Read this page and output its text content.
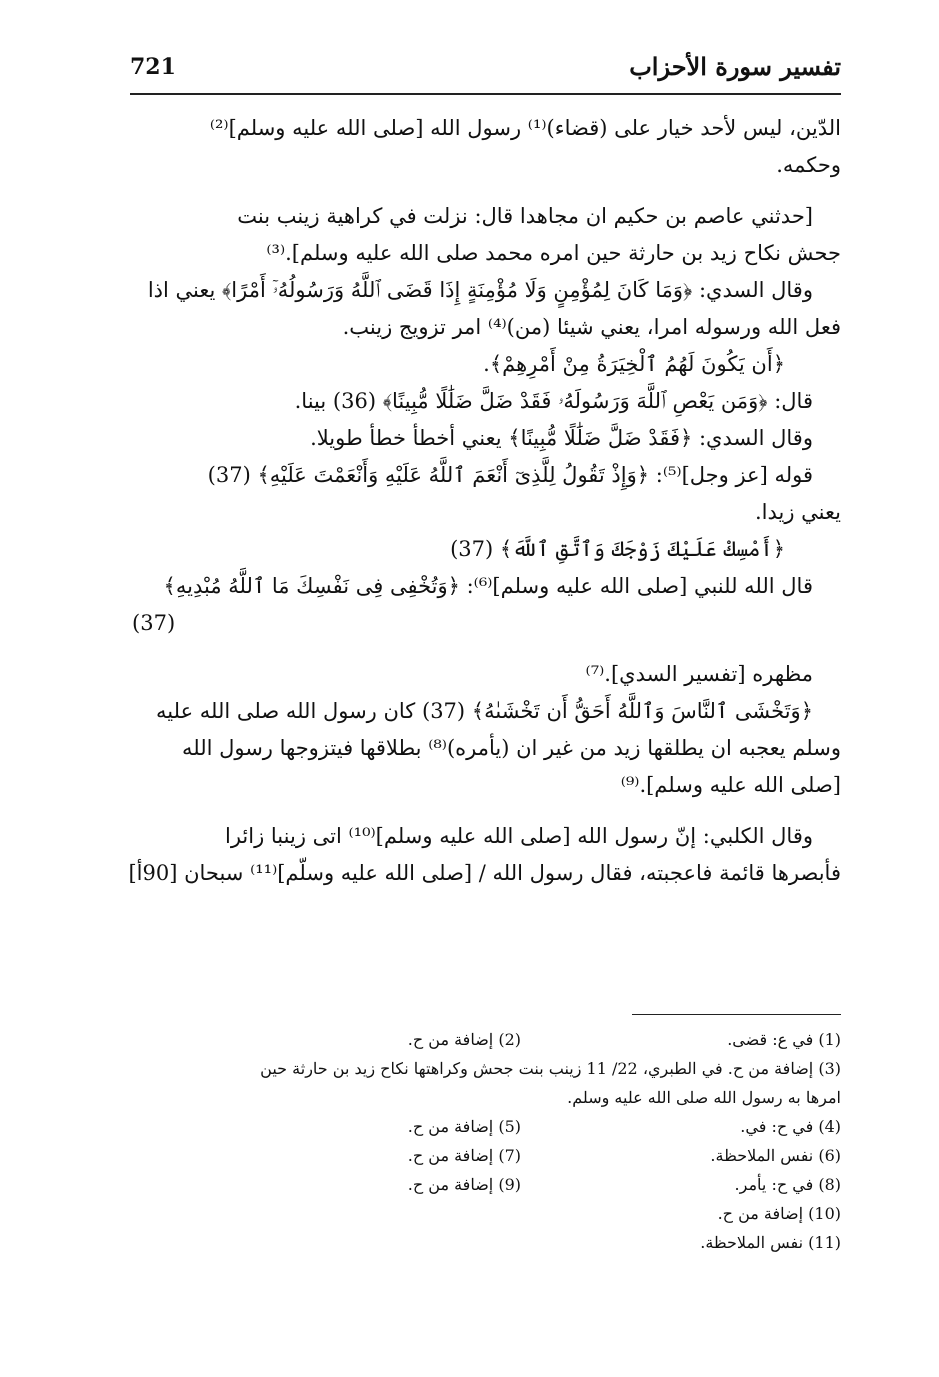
721	تفسير سورة الأحزاب
الدّين، ليس لأحد خيار على (قضاء)⁽¹⁾ رسول الله [صلى الله عليه وسلم]⁽²⁾
وحكمه.
[حدثني عاصم بن حكيم ان مجاهدا قال: نزلت في كراهية زينب بنت
جحش نكاح زيد بن حارثة حين امره محمد صلى الله عليه وسلم].⁽³⁾
وقال السدي: ﴿وَمَا كَانَ لِمُؤْمِنٍ وَلَا مُؤْمِنَةٍ إِذَا قَضَى ٱللَّهُ وَرَسُولُهُۥٓ أَمْرًا﴾ يعني اذا
فعل الله ورسوله امرا، يعني شيئا (من)⁽⁴⁾ امر تزويج زينب.
﴿أَن يَكُونَ لَهُمُ ٱلْخِيَرَةُ مِنْ أَمْرِهِمْ﴾.
قال: ﴿وَمَن يَعْصِ ٱللَّهَ وَرَسُولَهُۥ فَقَدْ ضَلَّ ضَلَٰلًا مُّبِينًا﴾ (36) بينا.
وقال السدي: ﴿فَقَدْ ضَلَّ ضَلَٰلًا مُّبِينًا﴾ يعني أخطأ خطأ طويلا.
قوله [عز وجل]⁽⁵⁾: ﴿وَإِذْ تَقُولُ لِلَّذِىٓ أَنْعَمَ ٱللَّهُ عَلَيْهِ وَأَنْعَمْتَ عَلَيْهِ﴾ (37)
يعني زيدا.
﴿أَمْسِكْ عَلَيْكَ زَوْجَكَ وَٱتَّقِ ٱللَّهَ﴾ (37)
قال الله للنبي [صلى الله عليه وسلم]⁽⁶⁾: ﴿وَتُخْفِى فِى نَفْسِكَ مَا ٱللَّهُ مُبْدِيهِ﴾
(37)
مظهره [تفسير السدي].⁽⁷⁾
﴿وَتَخْشَى ٱلنَّاسَ وَٱللَّهُ أَحَقُّ أَن تَخْشَىٰهُ﴾ (37) كان رسول الله صلى الله عليه
وسلم يعجبه ان يطلقها زيد من غير ان (يأمره)⁽⁸⁾ بطلاقها فيتزوجها رسول الله
[صلى الله عليه وسلم].⁽⁹⁾
وقال الكلبي: إنّ رسول الله [صلى الله عليه وسلم]⁽¹⁰⁾ اتى زينبا زائرا
فأبصرها قائمة فاعجبته، فقال رسول الله / [صلى الله عليه وسلّم]⁽¹¹⁾ سبحان [90أ]
(1) في ع: قضى.
(2) إضافة من ح.
(3) إضافة من ح. في الطبري، 22/ 11 زينب بنت جحش وكراهتها نكاح زيد بن حارثة حين
امرها به رسول الله صلى الله عليه وسلم.
(4) في ح: في.
(5) إضافة من ح.
(6) نفس الملاحظة.
(7) إضافة من ح.
(8) في ح: يأمر.
(9) إضافة من ح.
(10) إضافة من ح.
(11) نفس الملاحظة.
